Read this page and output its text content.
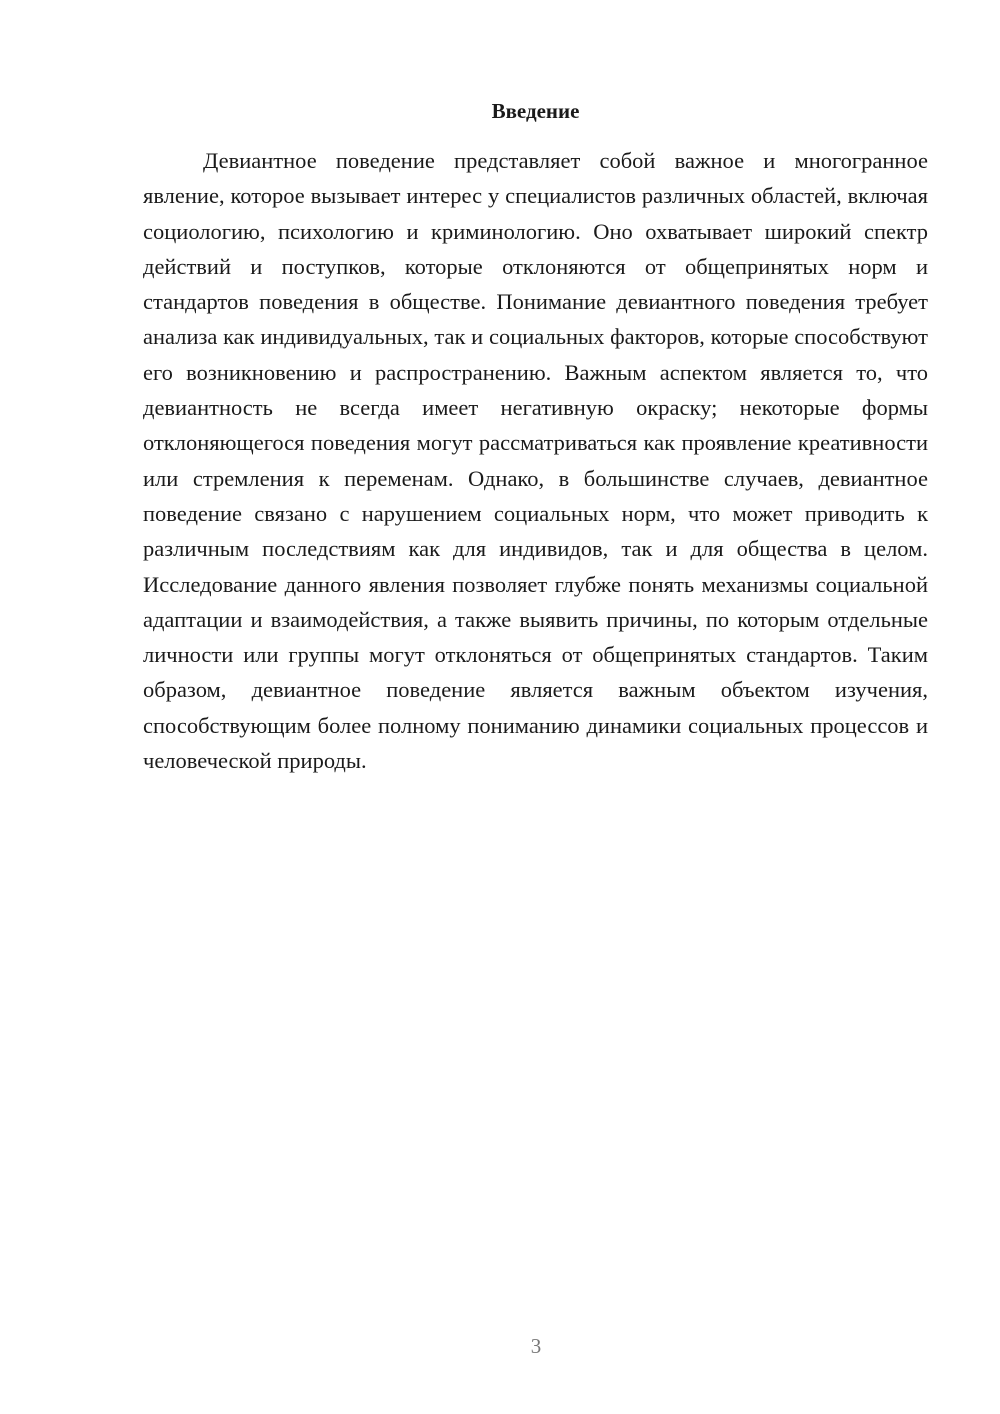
Введение

Девиантное поведение представляет собой важное и многогранное явление, которое вызывает интерес у специалистов различных областей, включая социологию, психологию и криминологию. Оно охватывает широкий спектр действий и поступков, которые отклоняются от общепринятых норм и стандартов поведения в обществе. Понимание девиантного поведения требует анализа как индивидуальных, так и социальных факторов, которые способствуют его возникновению и распространению. Важным аспектом является то, что девиантность не всегда имеет негативную окраску; некоторые формы отклоняющегося поведения могут рассматриваться как проявление креативности или стремления к переменам. Однако, в большинстве случаев, девиантное поведение связано с нарушением социальных норм, что может приводить к различным последствиям как для индивидов, так и для общества в целом. Исследование данного явления позволяет глубже понять механизмы социальной адаптации и взаимодействия, а также выявить причины, по которым отдельные личности или группы могут отклоняться от общепринятых стандартов. Таким образом, девиантное поведение является важным объектом изучения, способствующим более полному пониманию динамики социальных процессов и человеческой природы.

3
